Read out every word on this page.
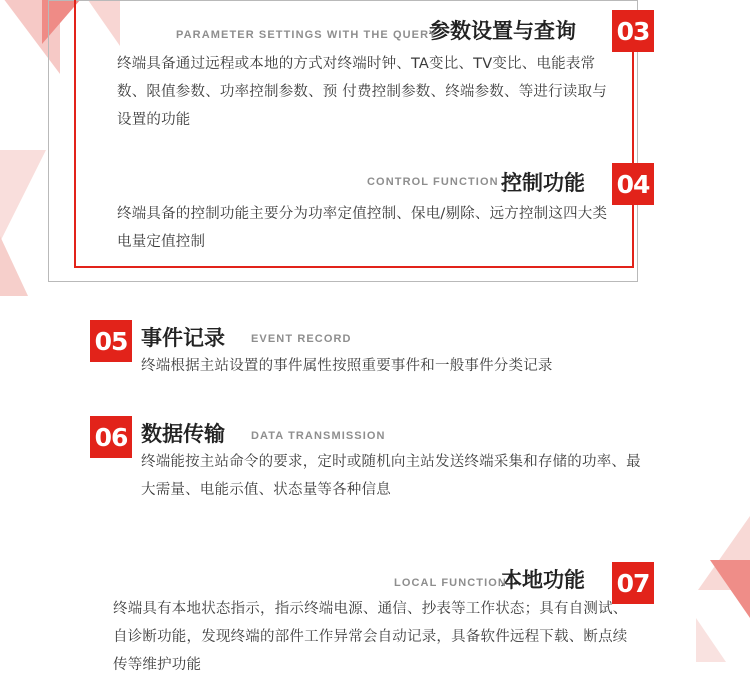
03
参数设置与查询
PARAMETER SETTINGS WITH THE QUERY
终端具备通过远程或本地的方式对终端时钟、TA变比、TV变比、电能表常数、限值参数、功率控制参数、预 付费控制参数、终端参数、等进行读取与设置的功能
04
控制功能
CONTROL FUNCTION
终端具备的控制功能主要分为功率定值控制、保电/剔除、远方控制这四大类电量定值控制
05 事件记录 EVENT RECORD
终端根据主站设置的事件属性按照重要事件和一般事件分类记录
06 数据传输 DATA TRANSMISSION
终端能按主站命令的要求，定时或随机向主站发送终端采集和存储的功率、最大需量、电能示值、状态量等各种信息
07
本地功能
LOCAL FUNCTION
终端具有本地状态指示，指示终端电源、通信、抄表等工作状态；具有自测试、自诊断功能，发现终端的部件工作异常会自动记录，具备软件远程下载、断点续传等维护功能
